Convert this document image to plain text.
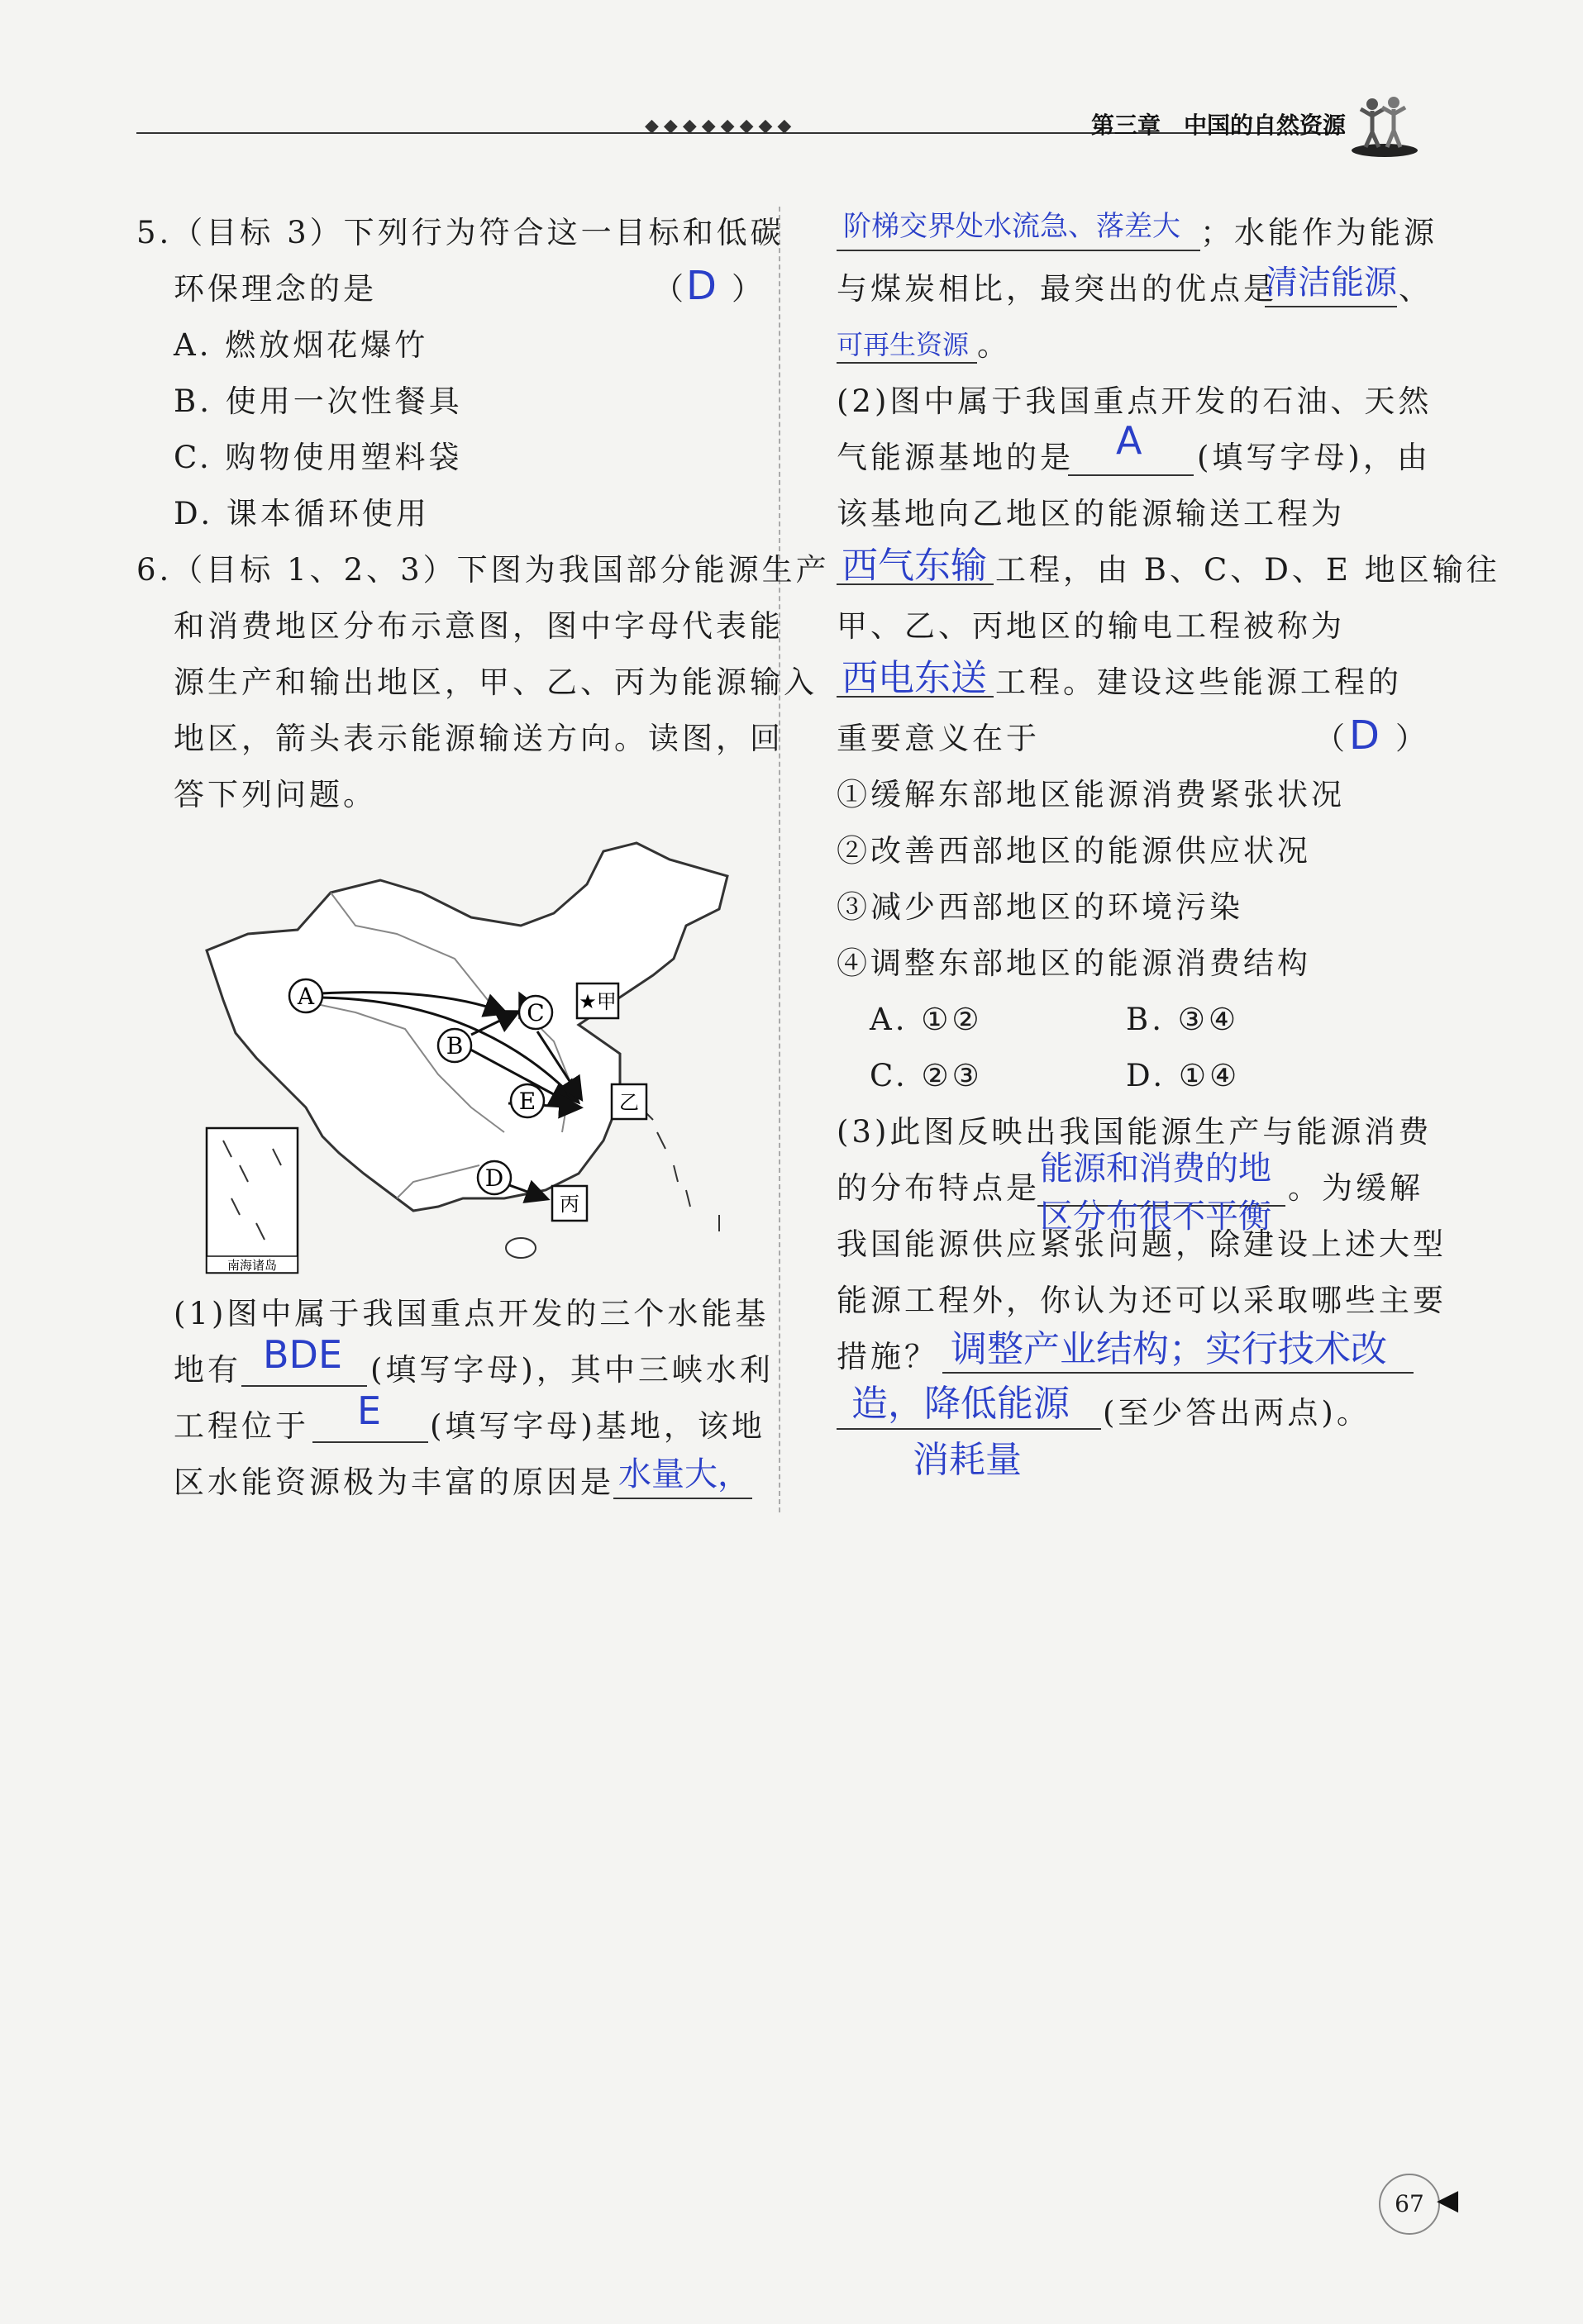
◆◆◆◆◆◆◆◆	第三章　中国的自然资源
5.（目标 3）下列行为符合这一目标和低碳
环保理念的是	（ D ）
A. 燃放烟花爆竹
B. 使用一次性餐具
C. 购物使用塑料袋
D. 课本循环使用
6.（目标 1、2、3）下图为我国部分能源生产
和消费地区分布示意图，图中字母代表能
源生产和输出地区，甲、乙、丙为能源输入
地区，箭头表示能源输送方向。读图，回
答下列问题。
A
B
C
D
E
★甲
乙
丙
南海诸岛
(1)图中属于我国重点开发的三个水能基
地有 BDE (填写字母)，其中三峡水利
工程位于 E (填写字母)基地，该地
区水能资源极为丰富的原因是 水量大，
阶梯交界处水流急、落差大 ；水能作为能源
与煤炭相比，最突出的优点是
清洁能源 、
可再生资源 。
(2)图中属于我国重点开发的石油、天然
气能源基地的是 A (填写字母)，由
该基地向乙地区的能源输送工程为
西气东输 工程，由 B、C、D、E 地区输往
甲、乙、丙地区的输电工程被称为
西电东送 工程。建设这些能源工程的
重要意义在于	（ D ）
①缓解东部地区能源消费紧张状况
②改善西部地区的能源供应状况
③减少西部地区的环境污染
④调整东部地区的能源消费结构
A. ①②	B. ③④
C. ②③	D. ①④
(3)此图反映出我国能源生产与能源消费
的分布特点是
能源和消费的地
区分布很不平衡
。为缓解
我国能源供应紧张问题，除建设上述大型
能源工程外，你认为还可以采取哪些主要
措施？ 调整产业结构；实行技术改
造，降低能源 (至少答出两点)。
消耗量
67 ◀
